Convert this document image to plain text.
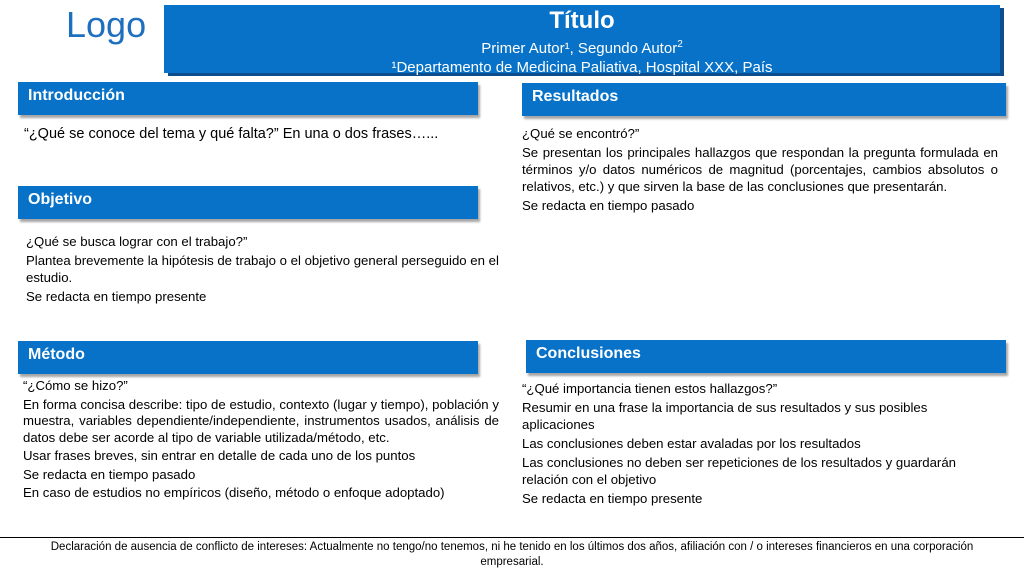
Logo	Título
Primer Autor¹, Segundo Autor$^2$
¹Departamento de Medicina Paliativa, Hospital XXX, País
Introducción

“¿Qué se conoce del tema y qué falta?” En una o dos frases…...

Objetivo

¿Qué se busca lograr con el trabajo?”

Plantea brevemente la hipótesis de trabajo o el objetivo general perseguido en el estudio.

Se redacta en tiempo presente

Método

“¿Cómo se hizo?”

En forma concisa describe: tipo de estudio, contexto (lugar y tiempo), población y muestra, variables dependiente/independiente, instrumentos usados, análisis de datos debe ser acorde al tipo de variable utilizada/método, etc.

Usar frases breves, sin entrar en detalle de cada uno de los puntos

Se redacta en tiempo pasado

En caso de estudios no empíricos (diseño, método o enfoque adoptado)

Resultados

¿Qué se encontró?”

Se presentan los principales hallazgos que respondan la pregunta formulada en términos y/o datos numéricos de magnitud (porcentajes, cambios absolutos o relativos, etc.) y que sirven la base de las conclusiones que presentarán.

Se redacta en tiempo pasado

Conclusiones

“¿Qué importancia tienen estos hallazgos?”

Resumir en una frase la importancia de sus resultados y sus posibles aplicaciones

Las conclusiones deben estar avaladas por los resultados

Las conclusiones no deben ser repeticiones de los resultados y guardarán relación con el objetivo

Se redacta en tiempo presente

Declaración de ausencia de conflicto de intereses: Actualmente no tengo/no tenemos, ni he tenido en los últimos dos años, afiliación con / o intereses financieros en una corporación empresarial.
